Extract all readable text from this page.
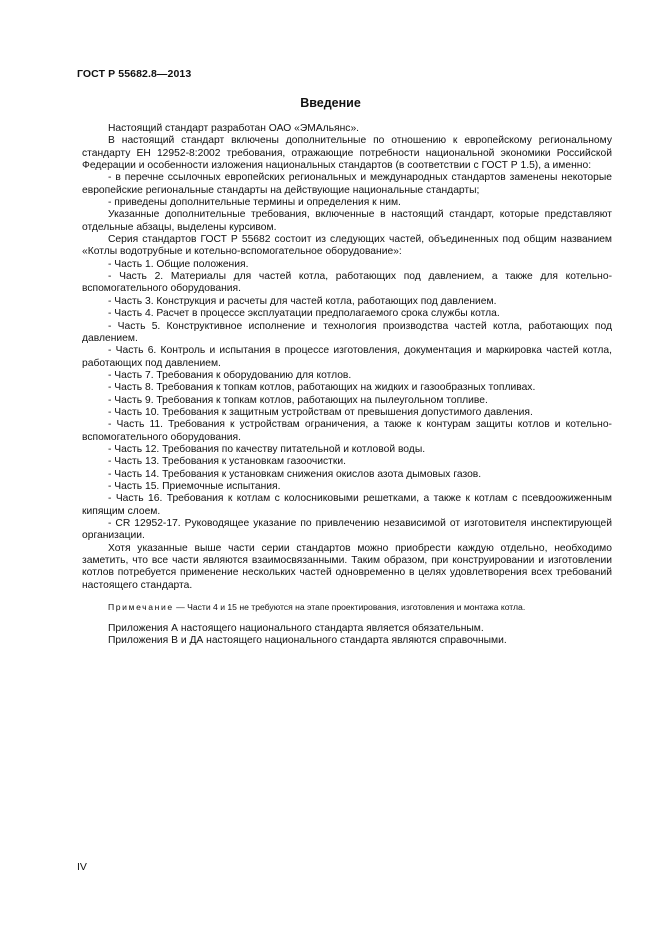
ГОСТ Р 55682.8—2013
Введение

Настоящий стандарт разработан ОАО «ЭМАльянс».

В настоящий стандарт включены дополнительные по отношению к европейскому региональному стандарту ЕН 12952-8:2002 требования, отражающие потребности национальной экономики Российской Федерации и особенности изложения национальных стандартов (в соответствии с ГОСТ Р 1.5), а именно:

- в перечне ссылочных европейских региональных и международных стандартов заменены некоторые европейские региональные стандарты на действующие национальные стандарты;

- приведены дополнительные термины и определения к ним.

Указанные дополнительные требования, включенные в настоящий стандарт, которые представляют отдельные абзацы, выделены курсивом.

Серия стандартов ГОСТ Р 55682 состоит из следующих частей, объединенных под общим названием «Котлы водотрубные и котельно-вспомогательное оборудование»:

- Часть 1. Общие положения.

- Часть 2. Материалы для частей котла, работающих под давлением, а также для котельно-вспомогательного оборудования.

- Часть 3. Конструкция и расчеты для частей котла, работающих под давлением.

- Часть 4. Расчет в процессе эксплуатации предполагаемого срока службы котла.

- Часть 5. Конструктивное исполнение и технология производства частей котла, работающих под давлением.

- Часть 6. Контроль и испытания в процессе изготовления, документация и маркировка частей котла, работающих под давлением.

- Часть 7. Требования к оборудованию для котлов.

- Часть 8. Требования к топкам котлов, работающих на жидких и газообразных топливах.

- Часть 9. Требования к топкам котлов, работающих на пылеугольном топливе.

- Часть 10. Требования к защитным устройствам от превышения допустимого давления.

- Часть 11. Требования к устройствам ограничения, а также к контурам защиты котлов и котельно-вспомогательного оборудования.

- Часть 12. Требования по качеству питательной и котловой воды.

- Часть 13. Требования к установкам газоочистки.

- Часть 14. Требования к установкам снижения окислов азота дымовых газов.

- Часть 15. Приемочные испытания.

- Часть 16. Требования к котлам с колосниковыми решетками, а также к котлам с псевдоожиженным кипящим слоем.

- CR 12952-17. Руководящее указание по привлечению независимой от изготовителя инспектирующей организации.

Хотя указанные выше части серии стандартов можно приобрести каждую отдельно, необходимо заметить, что все части являются взаимосвязанными. Таким образом, при конструировании и изготовлении котлов потребуется применение нескольких частей одновременно в целях удовлетворения всех требований настоящего стандарта.

Примечание — Части 4 и 15 не требуются на этапе проектирования, изготовления и монтажа котла.

Приложения А настоящего национального стандарта является обязательным.

Приложения В и ДА настоящего национального стандарта являются справочными.

IV
